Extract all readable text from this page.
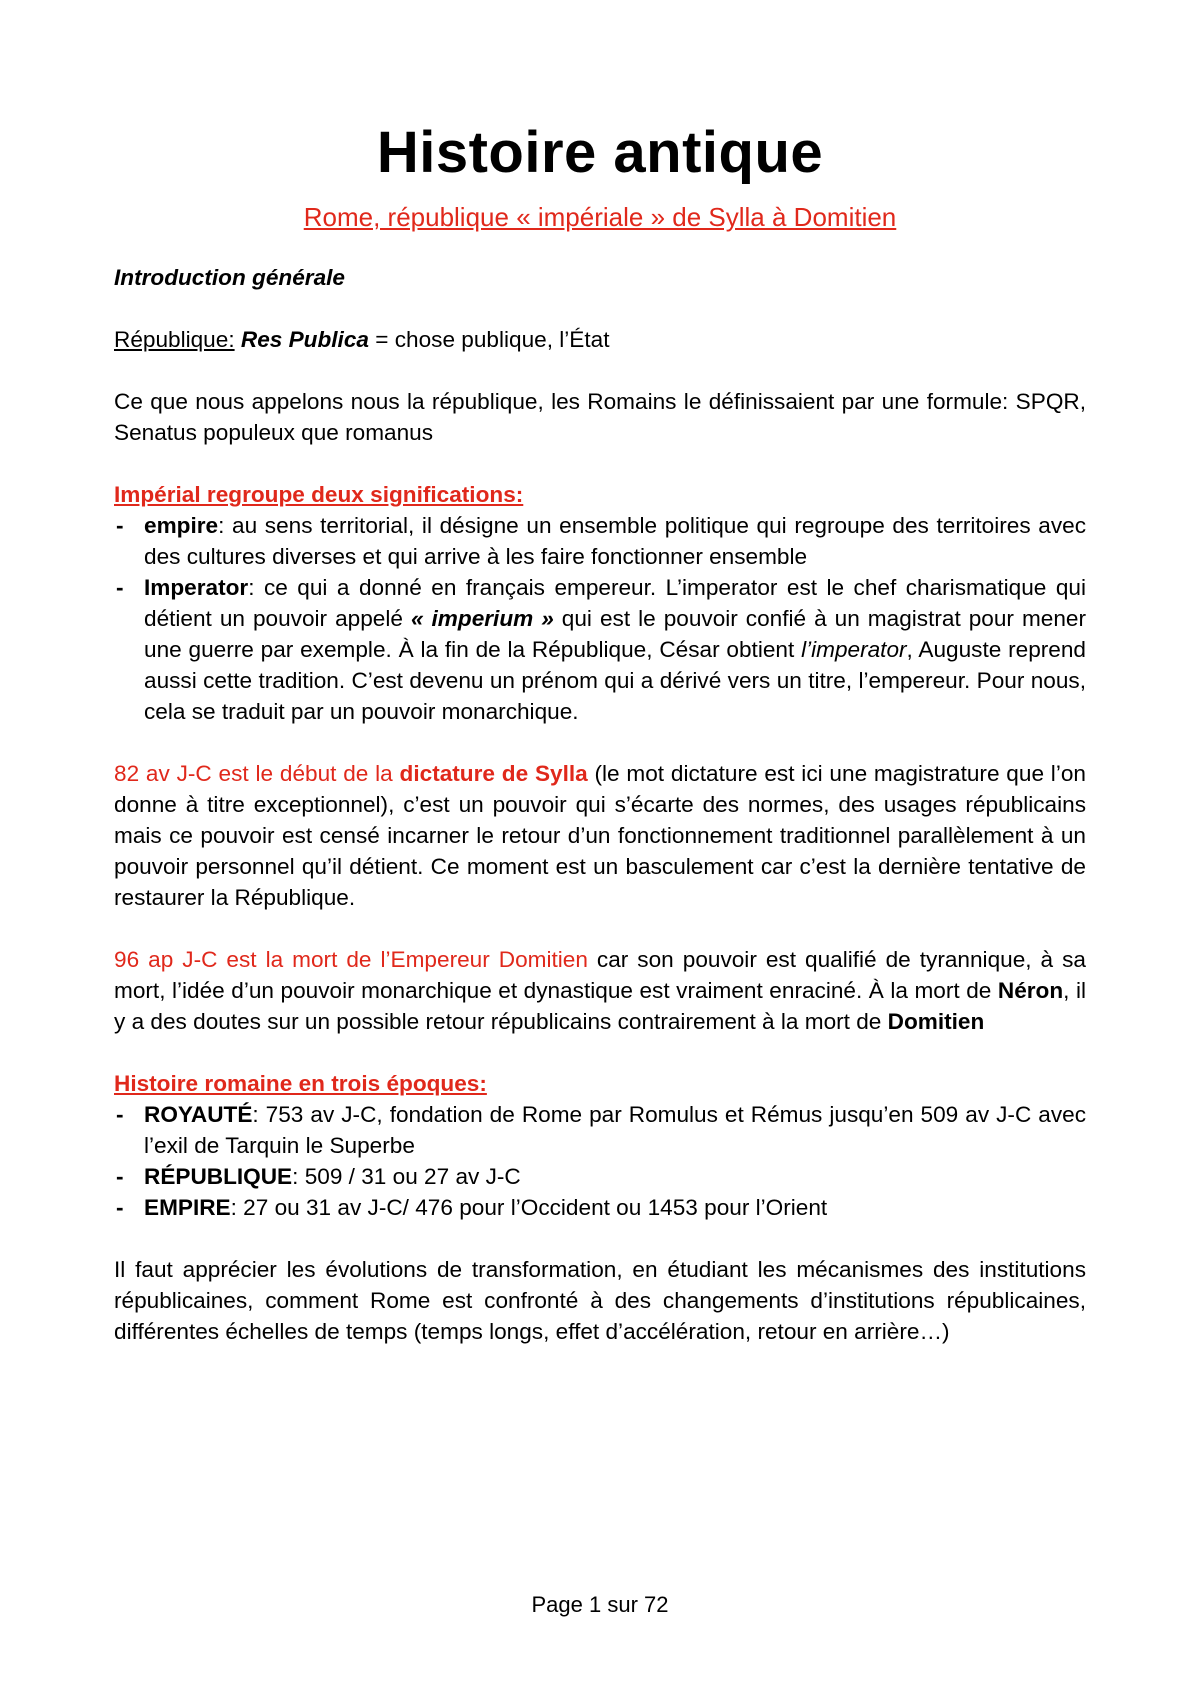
Histoire antique
Rome, république « impériale » de Sylla à Domitien
Introduction générale

République: Res Publica = chose publique, l’État

Ce que nous appelons nous la république, les Romains le définissaient par une formule: SPQR, Senatus populeux que romanus

Impérial regroupe deux significations:

- empire: au sens territorial, il désigne un ensemble politique qui regroupe des territoires avec des cultures diverses et qui arrive à les faire fonctionner ensemble
- Imperator: ce qui a donné en français empereur. L’imperator est le chef charismatique qui détient un pouvoir appelé « imperium » qui est le pouvoir confié à un magistrat pour mener une guerre par exemple. À la fin de la République, César obtient l’imperator, Auguste reprend aussi cette tradition. C’est devenu un prénom qui a dérivé vers un titre, l’empereur. Pour nous, cela se traduit par un pouvoir monarchique.

82 av J-C est le début de la dictature de Sylla (le mot dictature est ici une magistrature que l’on donne à titre exceptionnel), c’est un pouvoir qui s’écarte des normes, des usages républicains mais ce pouvoir est censé incarner le retour d’un fonctionnement traditionnel parallèlement à un pouvoir personnel qu’il détient. Ce moment est un basculement car c’est la dernière tentative de restaurer la République.

96 ap J-C est la mort de l’Empereur Domitien car son pouvoir est qualifié de tyrannique, à sa mort, l’idée d’un pouvoir monarchique et dynastique est vraiment enraciné. À la mort de Néron, il y a des doutes sur un possible retour républicains contrairement à la mort de Domitien

Histoire romaine en trois époques:

- ROYAUTÉ: 753 av J-C, fondation de Rome par Romulus et Rémus jusqu’en 509 av J-C avec l’exil de Tarquin le Superbe
- RÉPUBLIQUE: 509 / 31 ou 27 av J-C
- EMPIRE: 27 ou 31 av J-C/ 476 pour l’Occident ou 1453 pour l’Orient

Il faut apprécier les évolutions de transformation, en étudiant les mécanismes des institutions républicaines, comment Rome est confronté à des changements d’institutions républicaines, différentes échelles de temps (temps longs, effet d’accélération, retour en arrière…)

Page 1 sur 72
